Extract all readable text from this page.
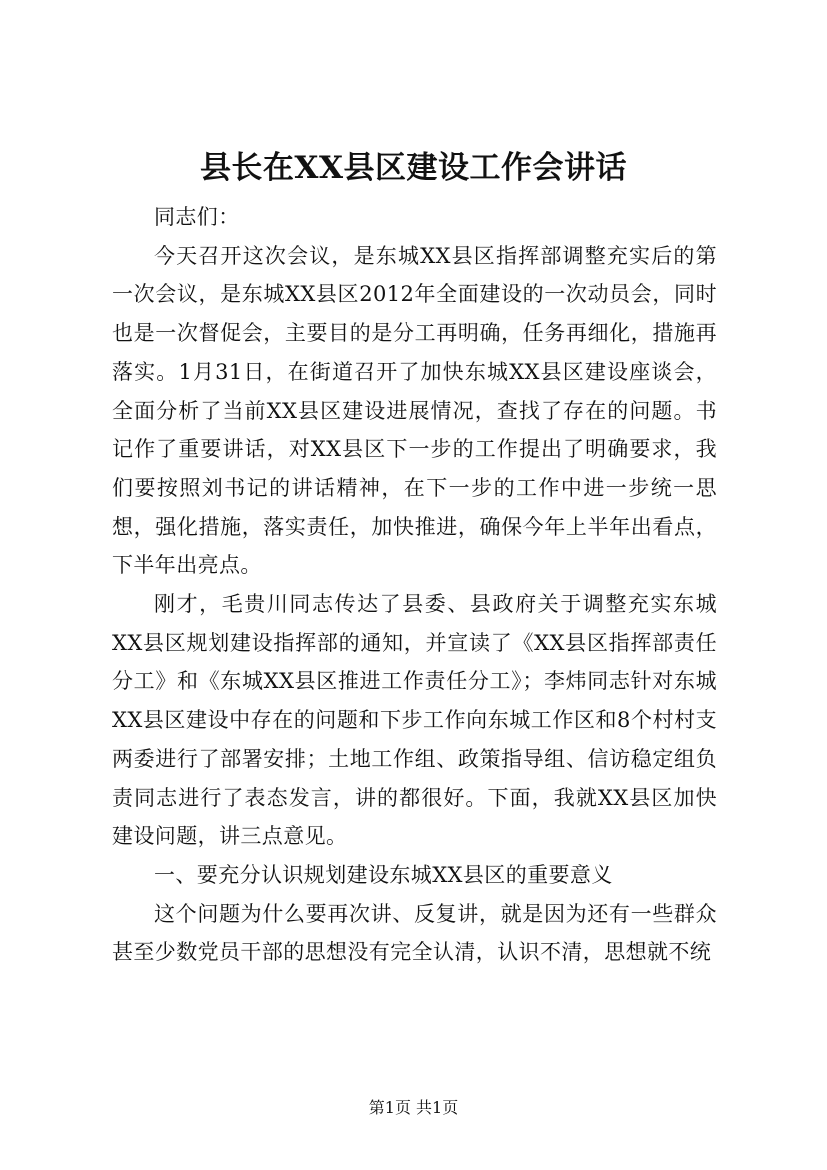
县长在XX县区建设工作会讲话

同志们：

今天召开这次会议，是东城XX县区指挥部调整充实后的第一次会议，是东城XX县区2012年全面建设的一次动员会，同时也是一次督促会，主要目的是分工再明确，任务再细化，措施再落实。1月31日，在街道召开了加快东城XX县区建设座谈会，全面分析了当前XX县区建设进展情况，查找了存在的问题。书记作了重要讲话，对XX县区下一步的工作提出了明确要求，我们要按照刘书记的讲话精神，在下一步的工作中进一步统一思想，强化措施，落实责任，加快推进，确保今年上半年出看点，下半年出亮点。

刚才，毛贵川同志传达了县委、县政府关于调整充实东城XX县区规划建设指挥部的通知，并宣读了《XX县区指挥部责任分工》和《东城XX县区推进工作责任分工》；李炜同志针对东城XX县区建设中存在的问题和下步工作向东城工作区和8个村村支两委进行了部署安排；土地工作组、政策指导组、信访稳定组负责同志进行了表态发言，讲的都很好。下面，我就XX县区加快建设问题，讲三点意见。

一、要充分认识规划建设东城XX县区的重要意义

这个问题为什么要再次讲、反复讲，就是因为还有一些群众甚至少数党员干部的思想没有完全认清，认识不清，思想就不统

第1页 共1页
